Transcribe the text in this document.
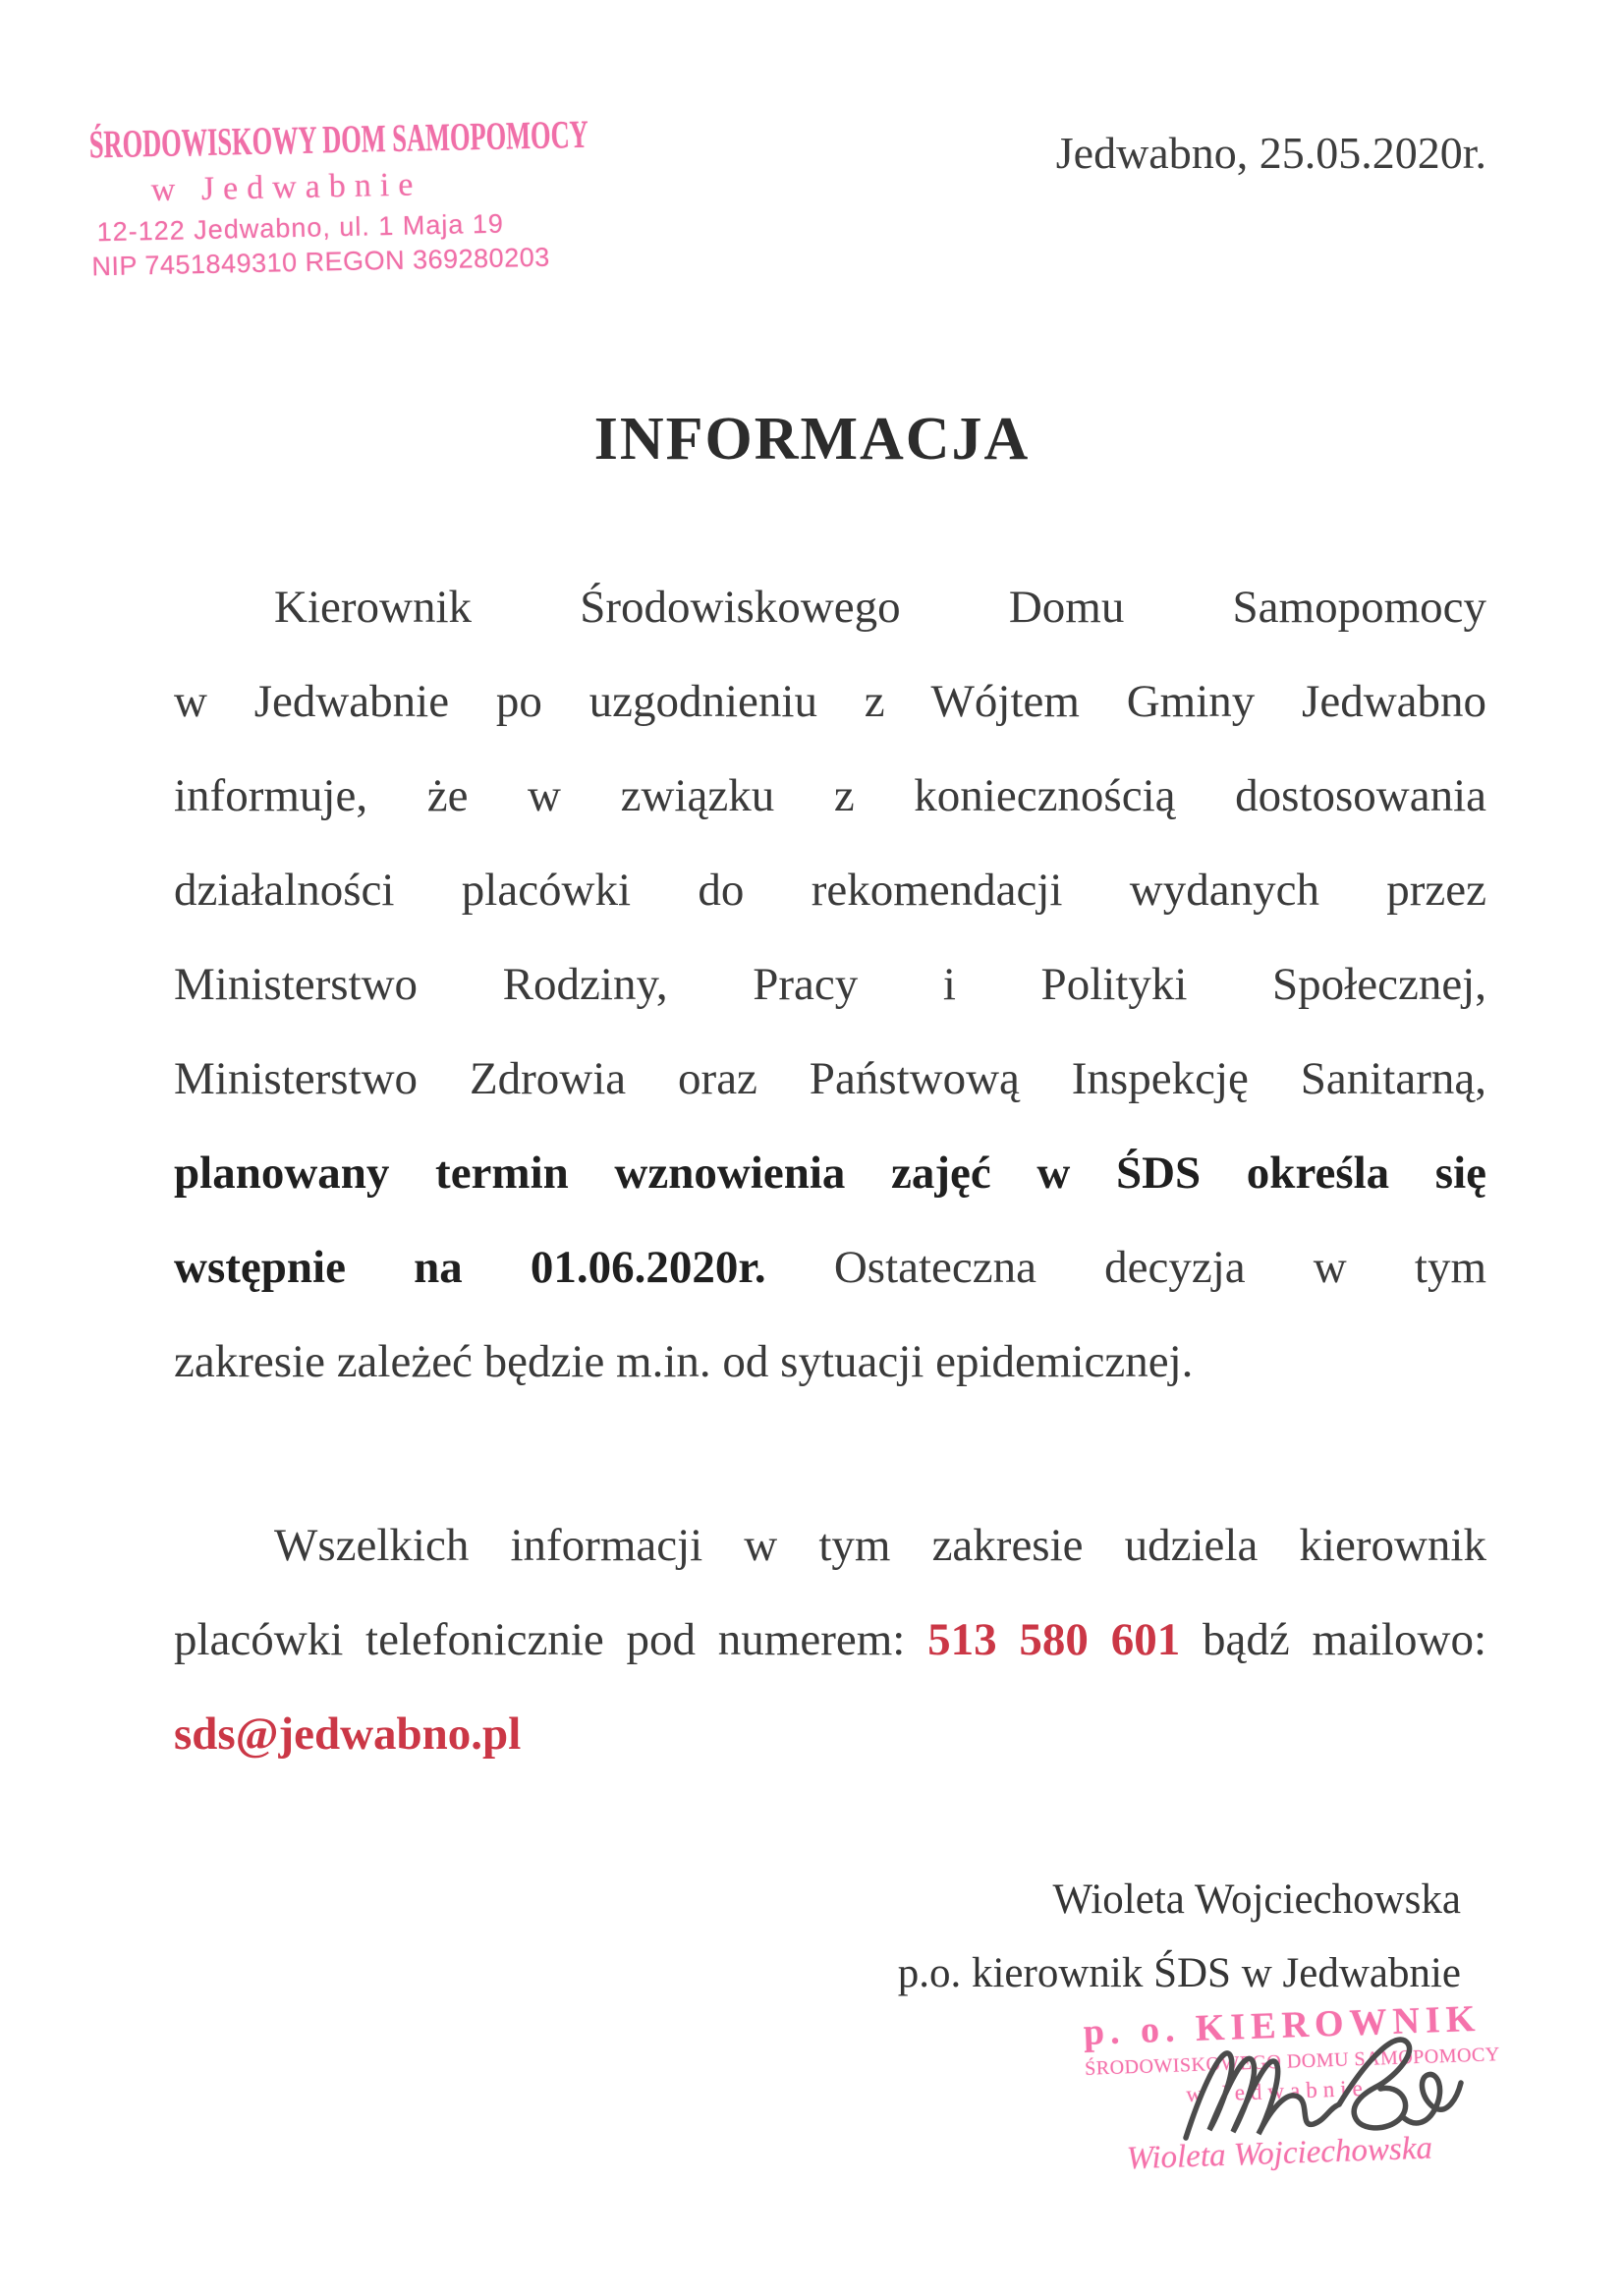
ŚRODOWISKOWY DOM SAMOPOMOCY
w Jedwabnie
12-122 Jedwabno, ul. 1 Maja 19
NIP 7451849310 REGON 369280203
Jedwabno, 25.05.2020r.
INFORMACJA
Kierownik Środowiskowego Domu Samopomocy
w Jedwabnie po uzgodnieniu z Wójtem Gminy Jedwabno
informuje, że w związku z koniecznością dostosowania
działalności placówki do rekomendacji wydanych przez
Ministerstwo Rodziny, Pracy i Polityki Społecznej,
Ministerstwo Zdrowia oraz Państwową Inspekcję Sanitarną,
planowany termin wznowienia zajęć w ŚDS określa się
wstępnie na 01.06.2020r. Ostateczna decyzja w tym
zakresie zależeć będzie m.in. od sytuacji epidemicznej.
Wszelkich informacji w tym zakresie udziela kierownik
placówki telefonicznie pod numerem: 513 580 601 bądź mailowo:
sds@jedwabno.pl
Wioleta Wojciechowska
p.o. kierownik ŚDS w Jedwabnie
p. o. KIEROWNIK
ŚRODOWISKOWEGO DOMU SAMOPOMOCY
w Jedwabnie
Wioleta Wojciechowska
